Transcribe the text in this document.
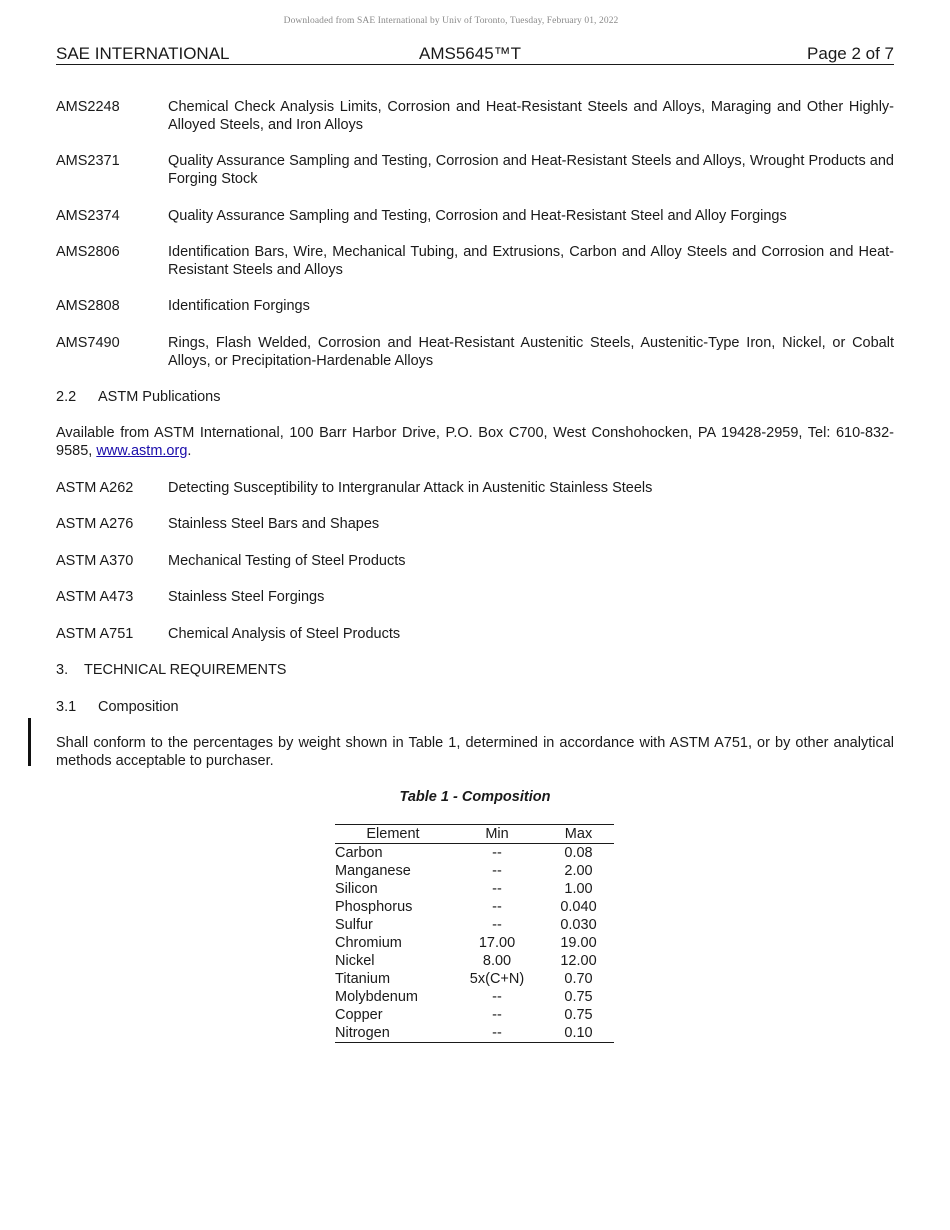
Downloaded from SAE International by Univ of Toronto, Tuesday, February 01, 2022
SAE INTERNATIONAL	AMS5645™T	Page 2 of 7
AMS2248	Chemical Check Analysis Limits, Corrosion and Heat-Resistant Steels and Alloys, Maraging and Other Highly-Alloyed Steels, and Iron Alloys
AMS2371	Quality Assurance Sampling and Testing, Corrosion and Heat-Resistant Steels and Alloys, Wrought Products and Forging Stock
AMS2374	Quality Assurance Sampling and Testing, Corrosion and Heat-Resistant Steel and Alloy Forgings
AMS2806	Identification Bars, Wire, Mechanical Tubing, and Extrusions, Carbon and Alloy Steels and Corrosion and Heat-Resistant Steels and Alloys
AMS2808	Identification Forgings
AMS7490	Rings, Flash Welded, Corrosion and Heat-Resistant Austenitic Steels, Austenitic-Type Iron, Nickel, or Cobalt Alloys, or Precipitation-Hardenable Alloys
2.2 ASTM Publications
Available from ASTM International, 100 Barr Harbor Drive, P.O. Box C700, West Conshohocken, PA 19428-2959, Tel: 610-832-9585, www.astm.org.
ASTM A262 Detecting Susceptibility to Intergranular Attack in Austenitic Stainless Steels
ASTM A276 Stainless Steel Bars and Shapes
ASTM A370 Mechanical Testing of Steel Products
ASTM A473 Stainless Steel Forgings
ASTM A751 Chemical Analysis of Steel Products
3. TECHNICAL REQUIREMENTS
3.1 Composition
Shall conform to the percentages by weight shown in Table 1, determined in accordance with ASTM A751, or by other analytical methods acceptable to purchaser.
Table 1 - Composition
Element	Min	Max
Carbon	--	0.08
Manganese	--	2.00
Silicon	--	1.00
Phosphorus	--	0.040
Sulfur	--	0.030
Chromium	17.00	19.00
Nickel	8.00	12.00
Titanium	5x(C+N)	0.70
Molybdenum	--	0.75
Copper	--	0.75
Nitrogen	--	0.10
